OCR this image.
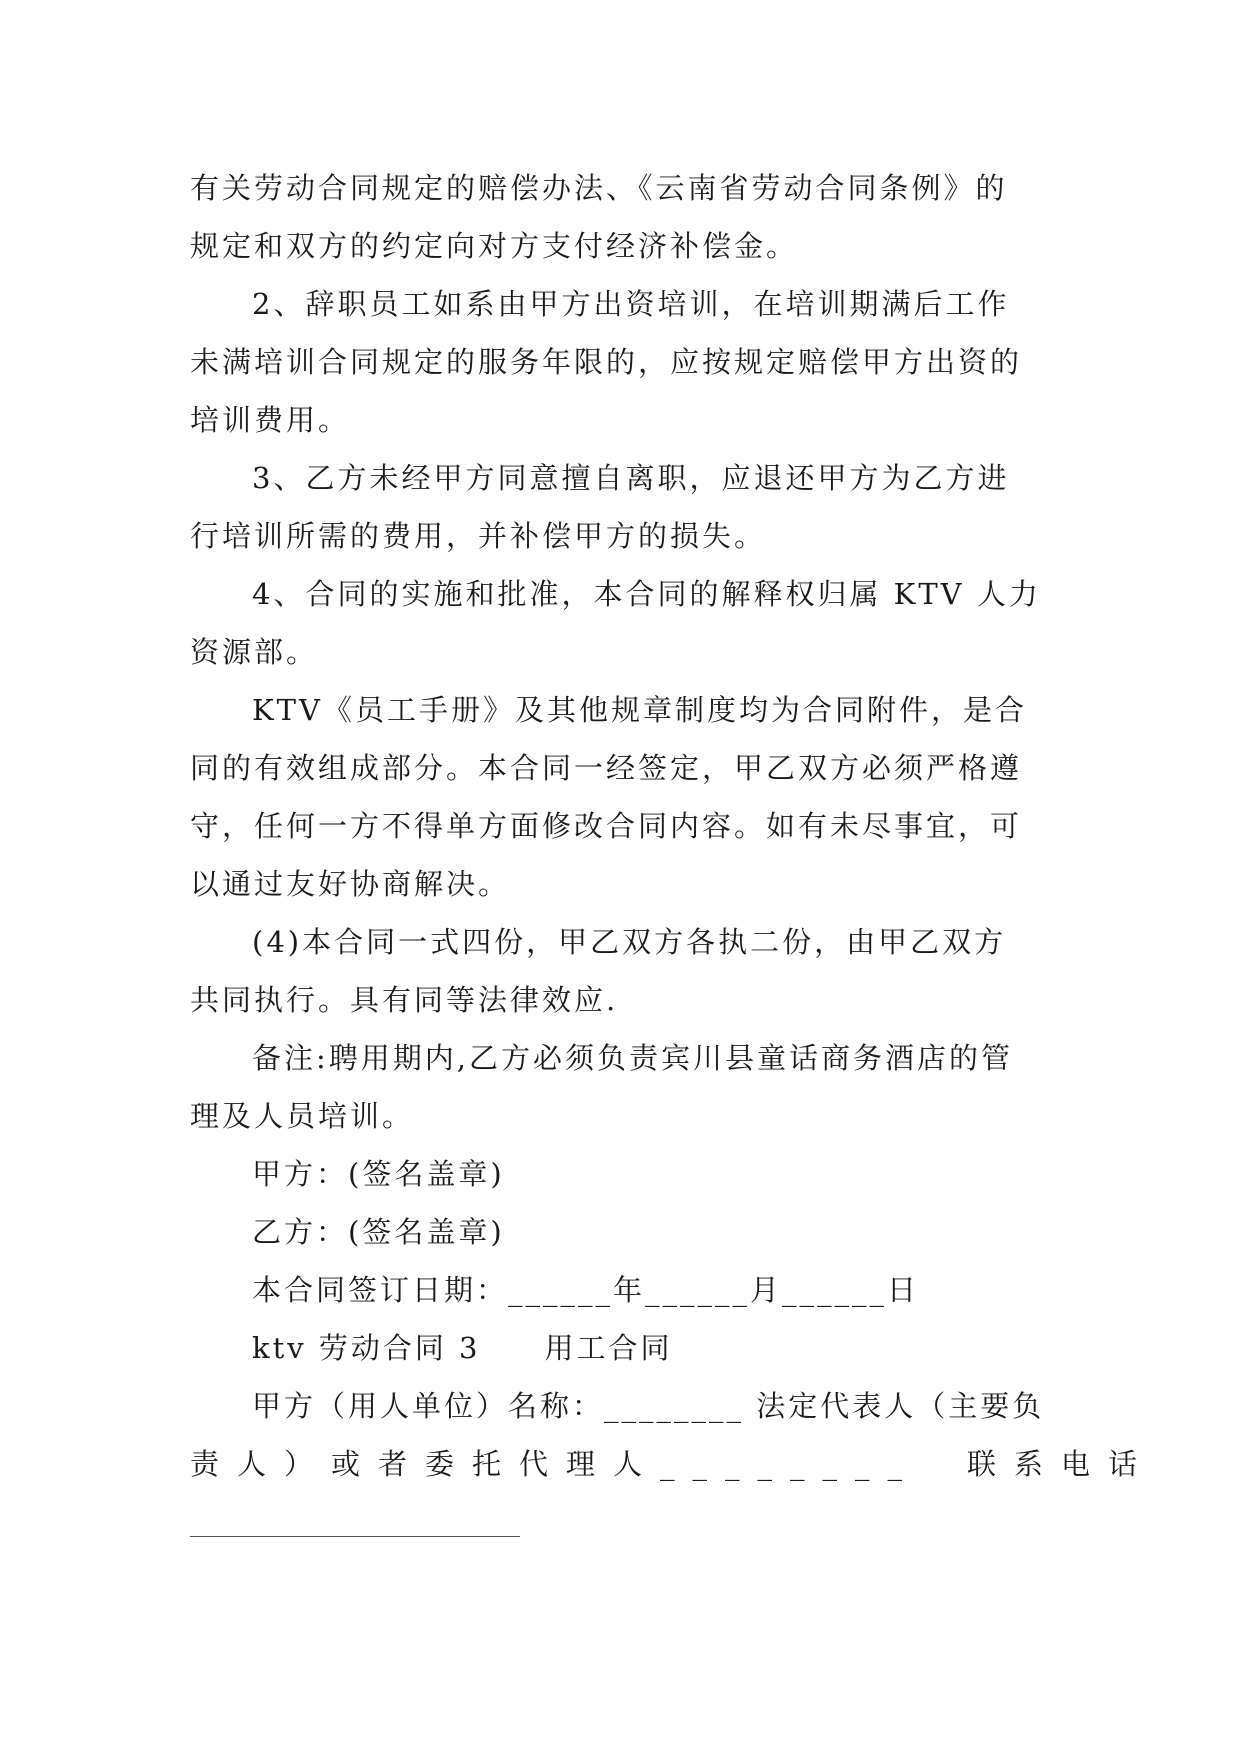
有关劳动合同规定的赔偿办法、《云南省劳动合同条例》的
规定和双方的约定向对方支付经济补偿金。
2、辞职员工如系由甲方出资培训，在培训期满后工作
未满培训合同规定的服务年限的，应按规定赔偿甲方出资的
培训费用。
3、乙方未经甲方同意擅自离职，应退还甲方为乙方进
行培训所需的费用，并补偿甲方的损失。
4、合同的实施和批准，本合同的解释权归属 KTV 人力
资源部。
KTV《员工手册》及其他规章制度均为合同附件，是合
同的有效组成部分。本合同一经签定，甲乙双方必须严格遵
守，任何一方不得单方面修改合同内容。如有未尽事宜，可
以通过友好协商解决。
(4)本合同一式四份，甲乙双方各执二份，由甲乙双方
共同执行。具有同等法律效应.
备注:聘用期内,乙方必须负责宾川县童话商务酒店的管
理及人员培训。
甲方：(签名盖章)
乙方：(签名盖章)
本合同签订日期：______年______月______日
ktv 劳动合同 3　　用工合同
甲方（用人单位）名称：________ 法定代表人（主要负
责人）或者委托代理人________　联系电话
